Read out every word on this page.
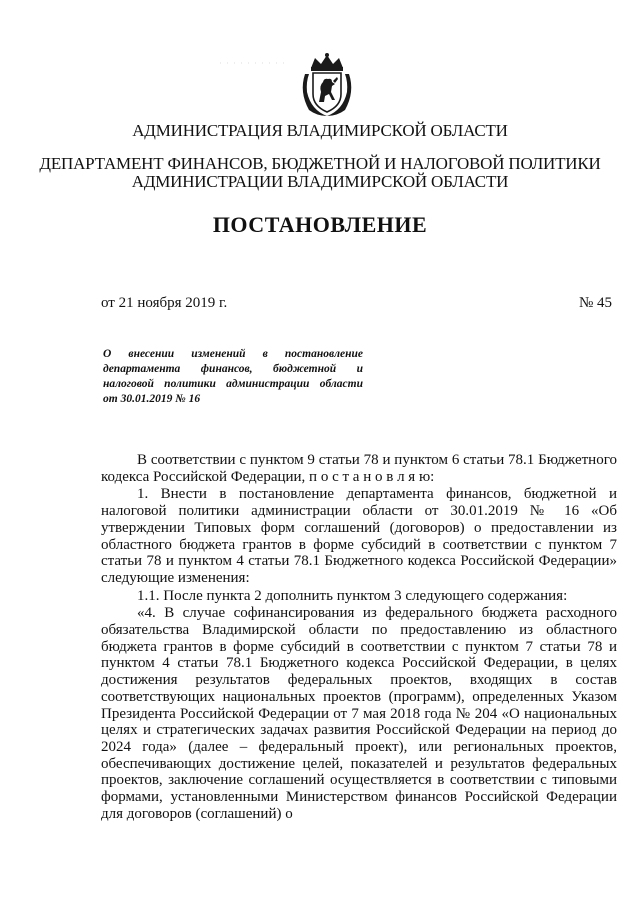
АДМИНИСТРАЦИЯ ВЛАДИМИРСКОЙ ОБЛАСТИ
ДЕПАРТАМЕНТ ФИНАНСОВ, БЮДЖЕТНОЙ И НАЛОГОВОЙ ПОЛИТИКИ
АДМИНИСТРАЦИИ ВЛАДИМИРСКОЙ ОБЛАСТИ
ПОСТАНОВЛЕНИЕ
от 21 ноября 2019 г.	№ 45
О внесении изменений в постановление
департамента финансов, бюджетной и
налоговой политики администрации области
от 30.01.2019 № 16

В соответствии с пунктом 9 статьи 78 и пунктом 6 статьи 78.1 Бюджетного кодекса Российской Федерации, п о с т а н о в л я ю:

1. Внести в постановление департамента финансов, бюджетной и налоговой политики администрации области от 30.01.2019 № 16 «Об утверждении Типовых форм соглашений (договоров) о предоставлении из областного бюджета грантов в форме субсидий в соответствии с пунктом 7 статьи 78 и пунктом 4 статьи 78.1 Бюджетного кодекса Российской Федерации» следующие изменения:

1.1. После пункта 2 дополнить пунктом 3 следующего содержания:

«4. В случае софинансирования из федерального бюджета расходного обязательства Владимирской области по предоставлению из областного бюджета грантов в форме субсидий в соответствии с пунктом 7 статьи 78 и пунктом 4 статьи 78.1 Бюджетного кодекса Российской Федерации, в целях достижения результатов федеральных проектов, входящих в состав соответствующих национальных проектов (программ), определенных Указом Президента Российской Федерации от 7 мая 2018 года № 204 «О национальных целях и стратегических задачах развития Российской Федерации на период до 2024 года» (далее – федеральный проект), или региональных проектов, обеспечивающих достижение целей, показателей и результатов федеральных проектов, заключение соглашений осуществляется в соответствии с типовыми формами, установленными Министерством финансов Российской Федерации для договоров (соглашений) о
